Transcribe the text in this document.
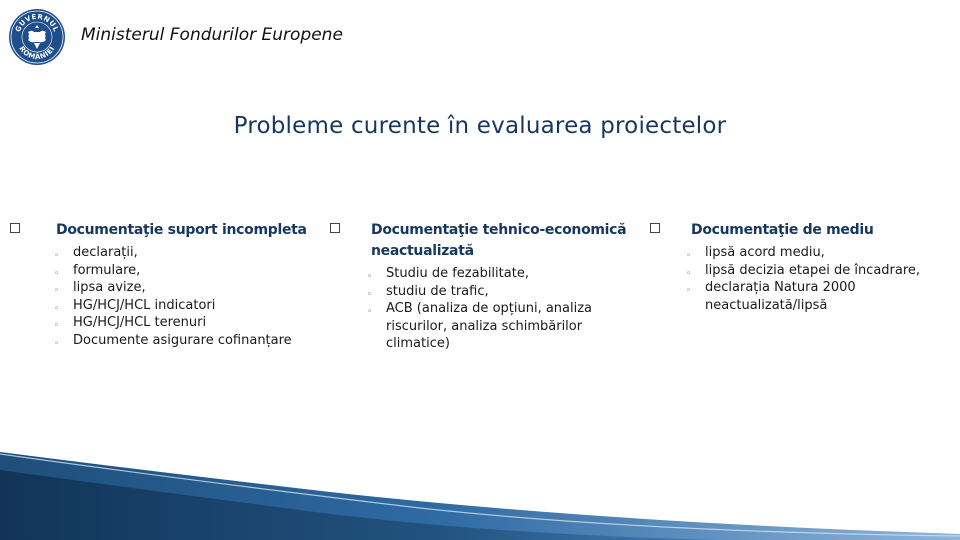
GUVERNUL
ROMÂNIEI
Ministerul Fondurilor Europene
Probleme curente în evaluarea proiectelor
Documentaţie suport incompleta
◦ declarații,
◦ formulare,
◦ lipsa avize,
◦ HG/HCJ/HCL indicatori
◦ HG/HCJ/HCL terenuri
◦ Documente asigurare cofinanțare
Documentaţie tehnico-economică neactualizată
◦ Studiu de fezabilitate,
◦ studiu de trafic,
◦ ACB (analiza de opțiuni, analiza riscurilor, analiza schimbărilor climatice)
Documentaţie de mediu
◦ lipsă acord mediu,
◦ lipsă decizia etapei de încadrare,
◦ declarația Natura 2000 neactualizată/lipsă
